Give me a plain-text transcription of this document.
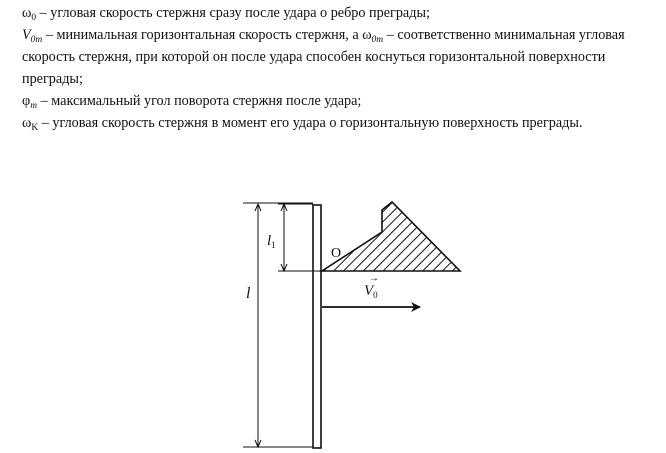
$\omega_0$ – угловая скорость стержня сразу после удара о ребро преграды;
$V_{0m}$ – минимальная горизонтальная скорость стержня, а $\omega_{0m}$ – соответственно минимальная угловая скорость стержня, при которой он после удара способен коснуться горизонтальной поверхности преграды;
$\varphi_m$ – максимальный угол поворота стержня после удара;
$\omega_K$ – угловая скорость стержня в момент его удара о горизонтальную поверхность преграды.
$l_1$
l
O
→
$V_0$
